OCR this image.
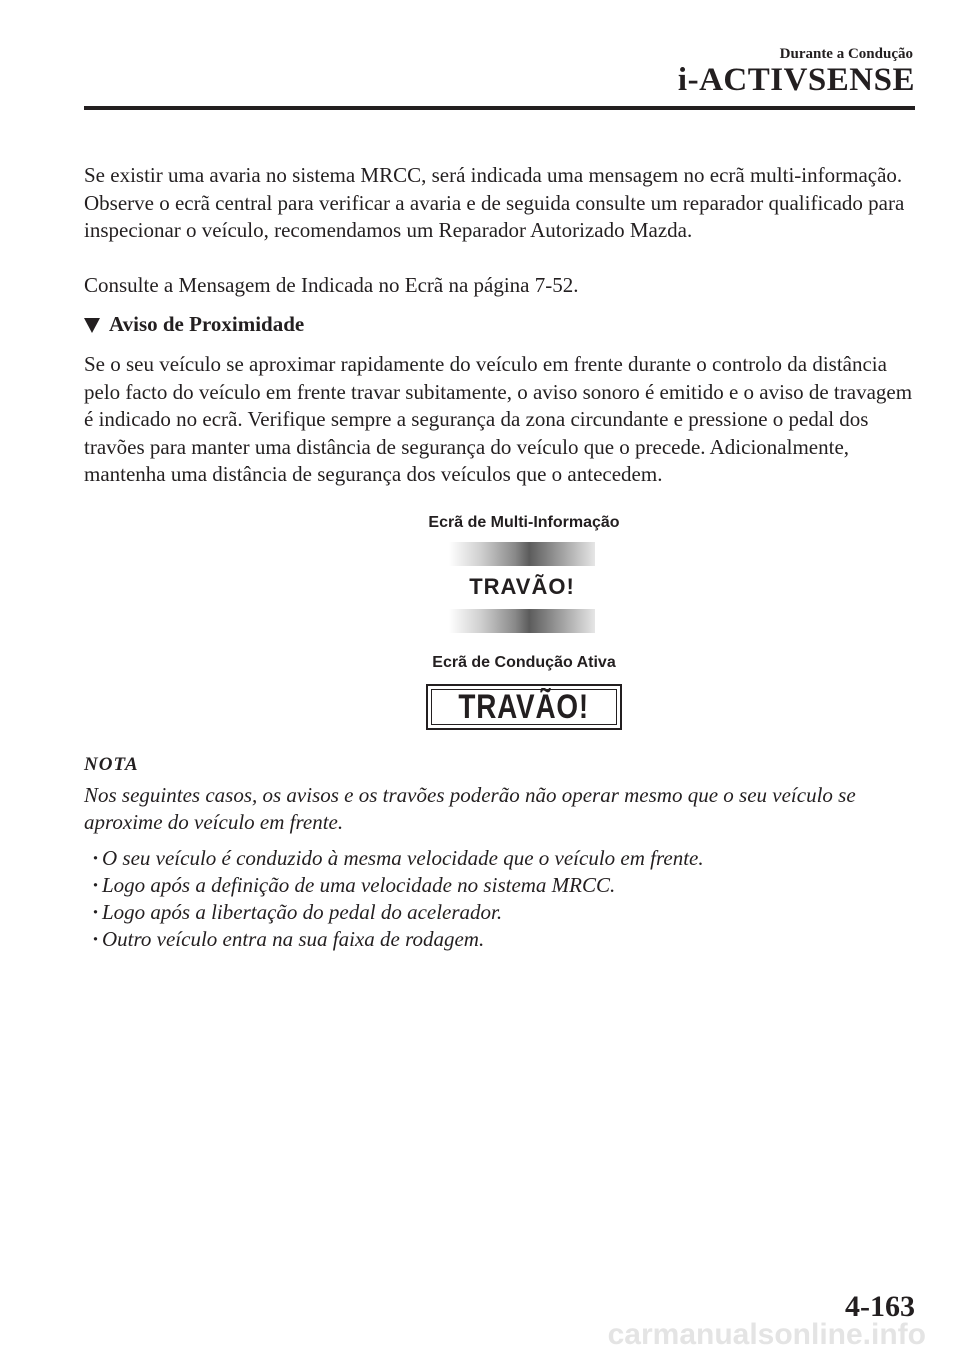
Durante a Condução
i-ACTIVSENSE

Se existir uma avaria no sistema MRCC, será indicada uma mensagem no ecrã multi-informação. Observe o ecrã central para verificar a avaria e de seguida consulte um reparador qualificado para inspecionar o veículo, recomendamos um Reparador Autorizado Mazda.

Consulte a Mensagem de Indicada no Ecrã na página 7-52.

Aviso de Proximidade

Se o seu veículo se aproximar rapidamente do veículo em frente durante o controlo da distância pelo facto do veículo em frente travar subitamente, o aviso sonoro é emitido e o aviso de travagem é indicado no ecrã. Verifique sempre a segurança da zona circundante e pressione o pedal dos travões para manter uma distância de segurança do veículo que o precede. Adicionalmente, mantenha uma distância de segurança dos veículos que o antecedem.

Ecrã de Multi-Informação
TRAVÃO!
Ecrã de Condução Ativa
TRAVÃO!
NOTA

Nos seguintes casos, os avisos e os travões poderão não operar mesmo que o seu veículo se aproxime do veículo em frente.

· O seu veículo é conduzido à mesma velocidade que o veículo em frente.
· Logo após a definição de uma velocidade no sistema MRCC.
· Logo após a libertação do pedal do acelerador.
· Outro veículo entra na sua faixa de rodagem.
4-163
carmanualsonline.info
